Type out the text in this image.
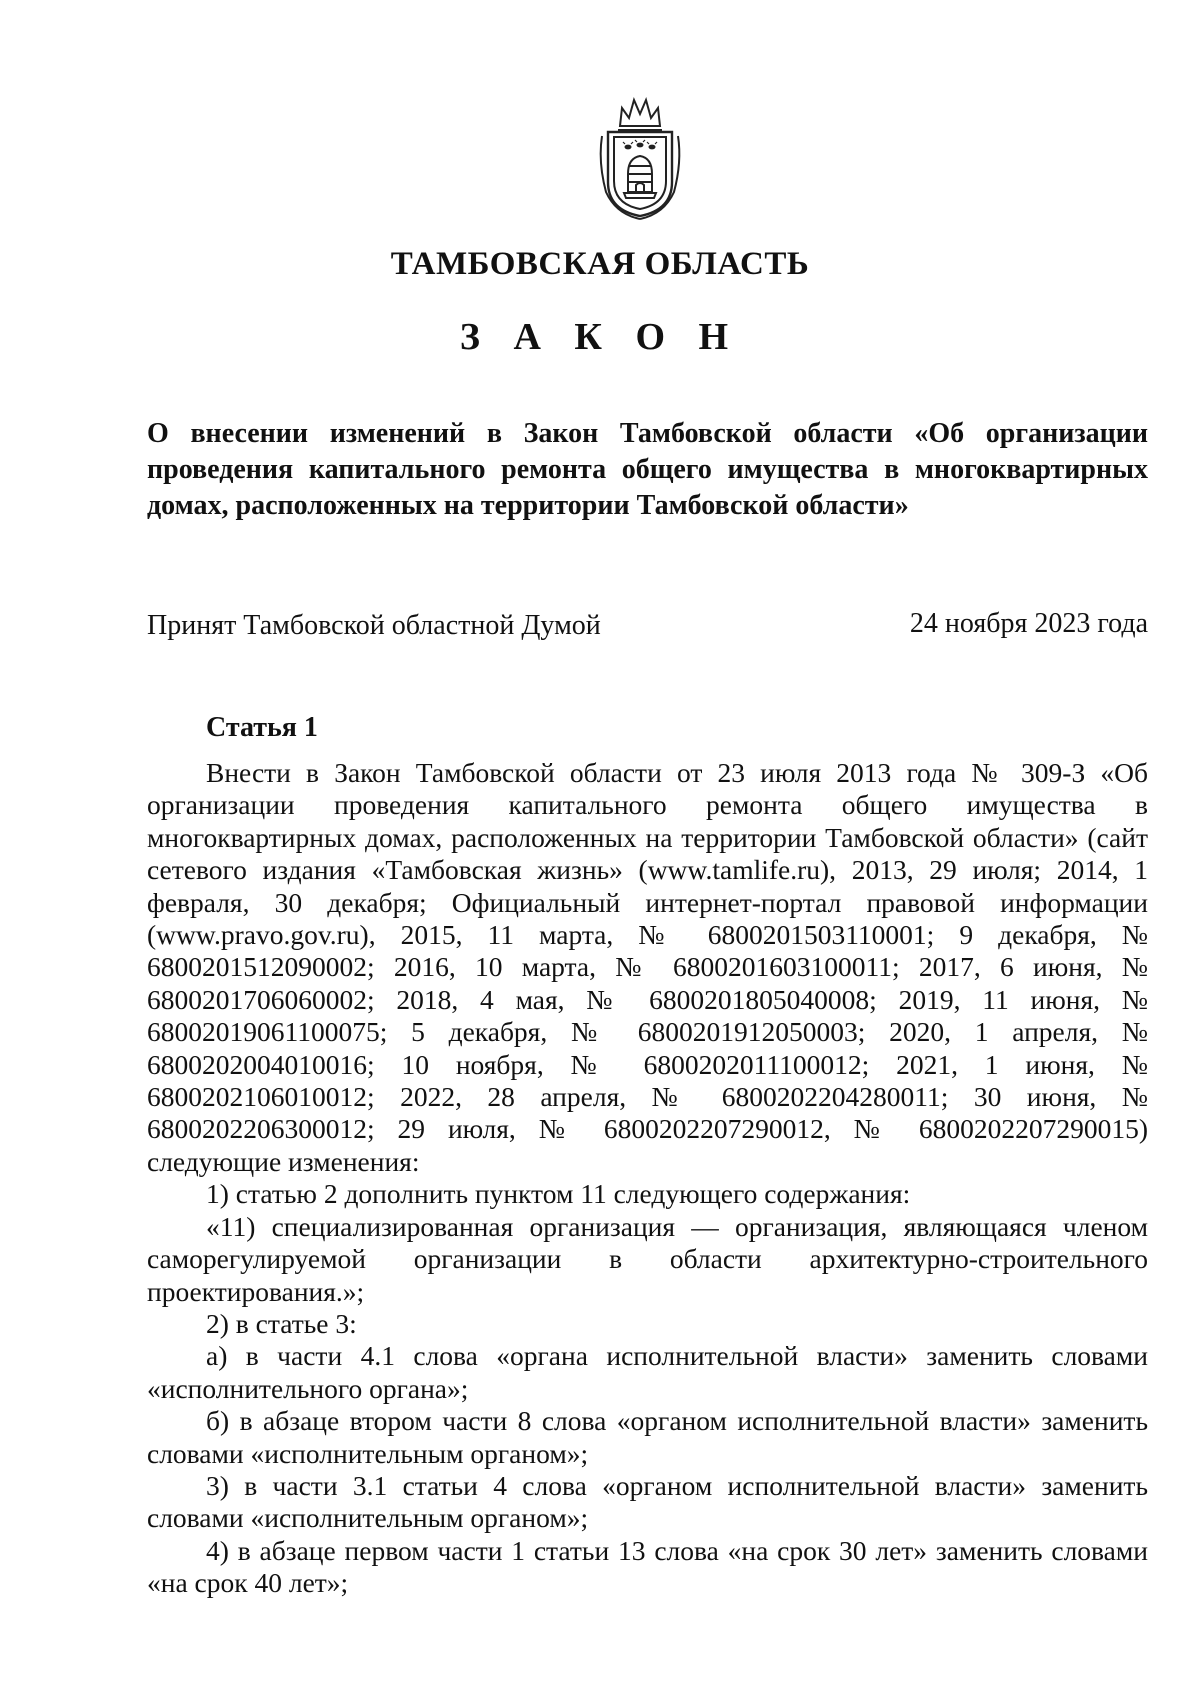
ТАМБОВСКАЯ ОБЛАСТЬ
З А К О Н
О внесении изменений в Закон Тамбовской области «Об организации проведения капитального ремонта общего имущества в многоквартирных домах, расположенных на территории Тамбовской области»
Принят Тамбовской областной Думой	24 ноября 2023 года
Статья 1

Внести в Закон Тамбовской области от 23 июля 2013 года № 309-З «Об организации проведения капитального ремонта общего имущества в многоквартирных домах, расположенных на территории Тамбовской области» (сайт сетевого издания «Тамбовская жизнь» (www.tamlife.ru), 2013, 29 июля; 2014, 1 февраля, 30 декабря; Официальный интернет-портал правовой информации (www.pravo.gov.ru), 2015, 11 марта, № 6800201503110001; 9 декабря, № 6800201512090002; 2016, 10 марта, № 6800201603100011; 2017, 6 июня, № 6800201706060002; 2018, 4 мая, № 6800201805040008; 2019, 11 июня, № 68002019061100075; 5 декабря, № 6800201912050003; 2020, 1 апреля, № 6800202004010016; 10 ноября, № 6800202011100012; 2021, 1 июня, № 6800202106010012; 2022, 28 апреля, № 6800202204280011; 30 июня, № 6800202206300012; 29 июля, № 6800202207290012, № 6800202207290015) следующие изменения:

1) статью 2 дополнить пунктом 11 следующего содержания:

«11) специализированная организация — организация, являющаяся членом саморегулируемой организации в области архитектурно-строительного проектирования.»;

2) в статье 3:

а) в части 4.1 слова «органа исполнительной власти» заменить словами «исполнительного органа»;

б) в абзаце втором части 8 слова «органом исполнительной власти» заменить словами «исполнительным органом»;

3) в части 3.1 статьи 4 слова «органом исполнительной власти» заменить словами «исполнительным органом»;

4) в абзаце первом части 1 статьи 13 слова «на срок 30 лет» заменить словами «на срок 40 лет»;
